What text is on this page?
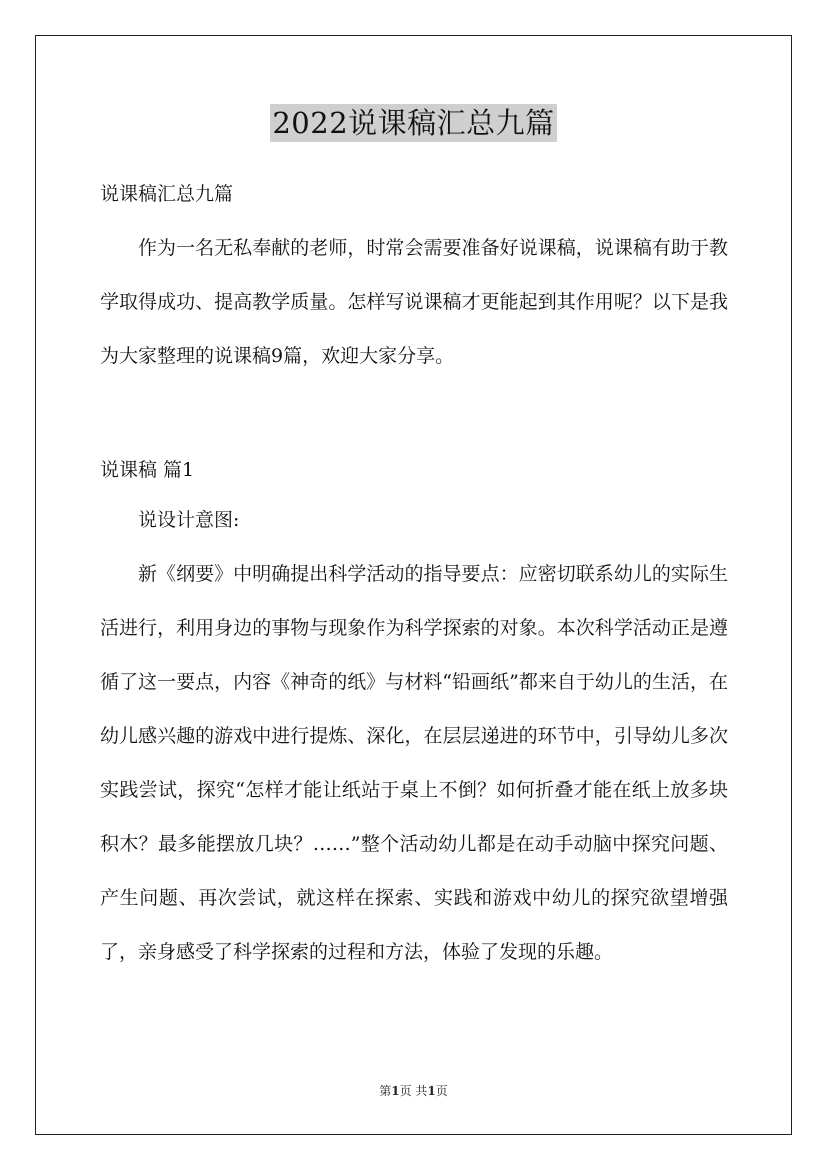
2022说课稿汇总九篇

说课稿汇总九篇

作为一名无私奉献的老师，时常会需要准备好说课稿，说课稿有助于教学取得成功、提高教学质量。怎样写说课稿才更能起到其作用呢？以下是我为大家整理的说课稿9篇，欢迎大家分享。

说课稿 篇1

说设计意图:

新《纲要》中明确提出科学活动的指导要点：应密切联系幼儿的实际生活进行，利用身边的事物与现象作为科学探索的对象。本次科学活动正是遵循了这一要点，内容《神奇的纸》与材料“铅画纸”都来自于幼儿的生活，在幼儿感兴趣的游戏中进行提炼、深化，在层层递进的环节中，引导幼儿多次实践尝试，探究“怎样才能让纸站于桌上不倒？如何折叠才能在纸上放多块积木？最多能摆放几块？……”整个活动幼儿都是在动手动脑中探究问题、产生问题、再次尝试，就这样在探索、实践和游戏中幼儿的探究欲望增强了，亲身感受了科学探索的过程和方法，体验了发现的乐趣。

第1页 共1页
